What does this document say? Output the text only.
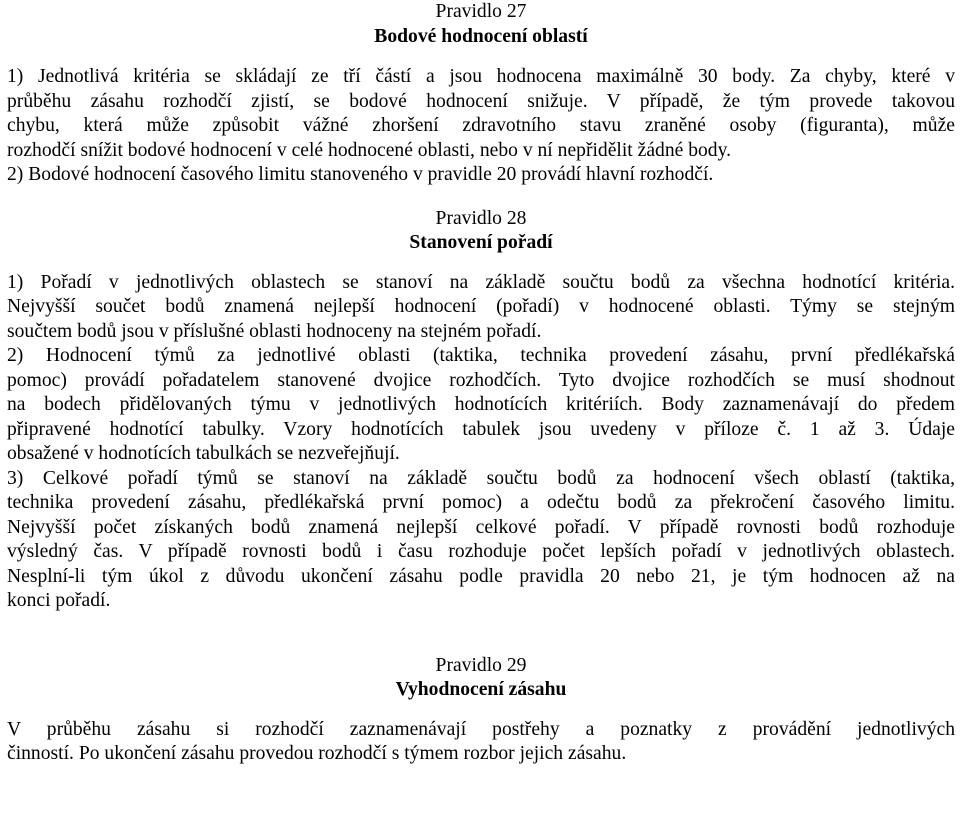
Pravidlo 27

Bodové hodnocení oblastí

1) Jednotlivá kritéria se skládají ze tří částí a jsou hodnocena maximálně 30 body. Za chyby, které v
průběhu zásahu rozhodčí zjistí, se bodové hodnocení snižuje. V případě, že tým provede takovou
chybu, která může způsobit vážné zhoršení zdravotního stavu zraněné osoby (figuranta), může
rozhodčí snížit bodové hodnocení v celé hodnocené oblasti, nebo v ní nepřidělit žádné body.
2) Bodové hodnocení časového limitu stanoveného v pravidle 20 provádí hlavní rozhodčí.

Pravidlo 28

Stanovení pořadí

1) Pořadí v jednotlivých oblastech se stanoví na základě součtu bodů za všechna hodnotící kritéria.
Nejvyšší součet bodů znamená nejlepší hodnocení (pořadí) v hodnocené oblasti. Týmy se stejným
součtem bodů jsou v příslušné oblasti hodnoceny na stejném pořadí.
2) Hodnocení týmů za jednotlivé oblasti (taktika, technika provedení zásahu, první předlékařská
pomoc) provádí pořadatelem stanovené dvojice rozhodčích. Tyto dvojice rozhodčích se musí shodnout
na bodech přidělovaných týmu v jednotlivých hodnotících kritériích. Body zaznamenávají do předem
připravené hodnotící tabulky. Vzory hodnotících tabulek jsou uvedeny v příloze č. 1 až 3. Údaje
obsažené v hodnotících tabulkách se nezveřejňují.
3) Celkové pořadí týmů se stanoví na základě součtu bodů za hodnocení všech oblastí (taktika,
technika provedení zásahu, předlékařská první pomoc) a odečtu bodů za překročení časového limitu.
Nejvyšší počet získaných bodů znamená nejlepší celkové pořadí. V případě rovnosti bodů rozhoduje
výsledný čas. V případě rovnosti bodů i času rozhoduje počet lepších pořadí v jednotlivých oblastech.
Nesplní-li tým úkol z důvodu ukončení zásahu podle pravidla 20 nebo 21, je tým hodnocen až na
konci pořadí.

Pravidlo 29

Vyhodnocení zásahu

V průběhu zásahu si rozhodčí zaznamenávají postřehy a poznatky z provádění jednotlivých
činností. Po ukončení zásahu provedou rozhodčí s týmem rozbor jejich zásahu.
